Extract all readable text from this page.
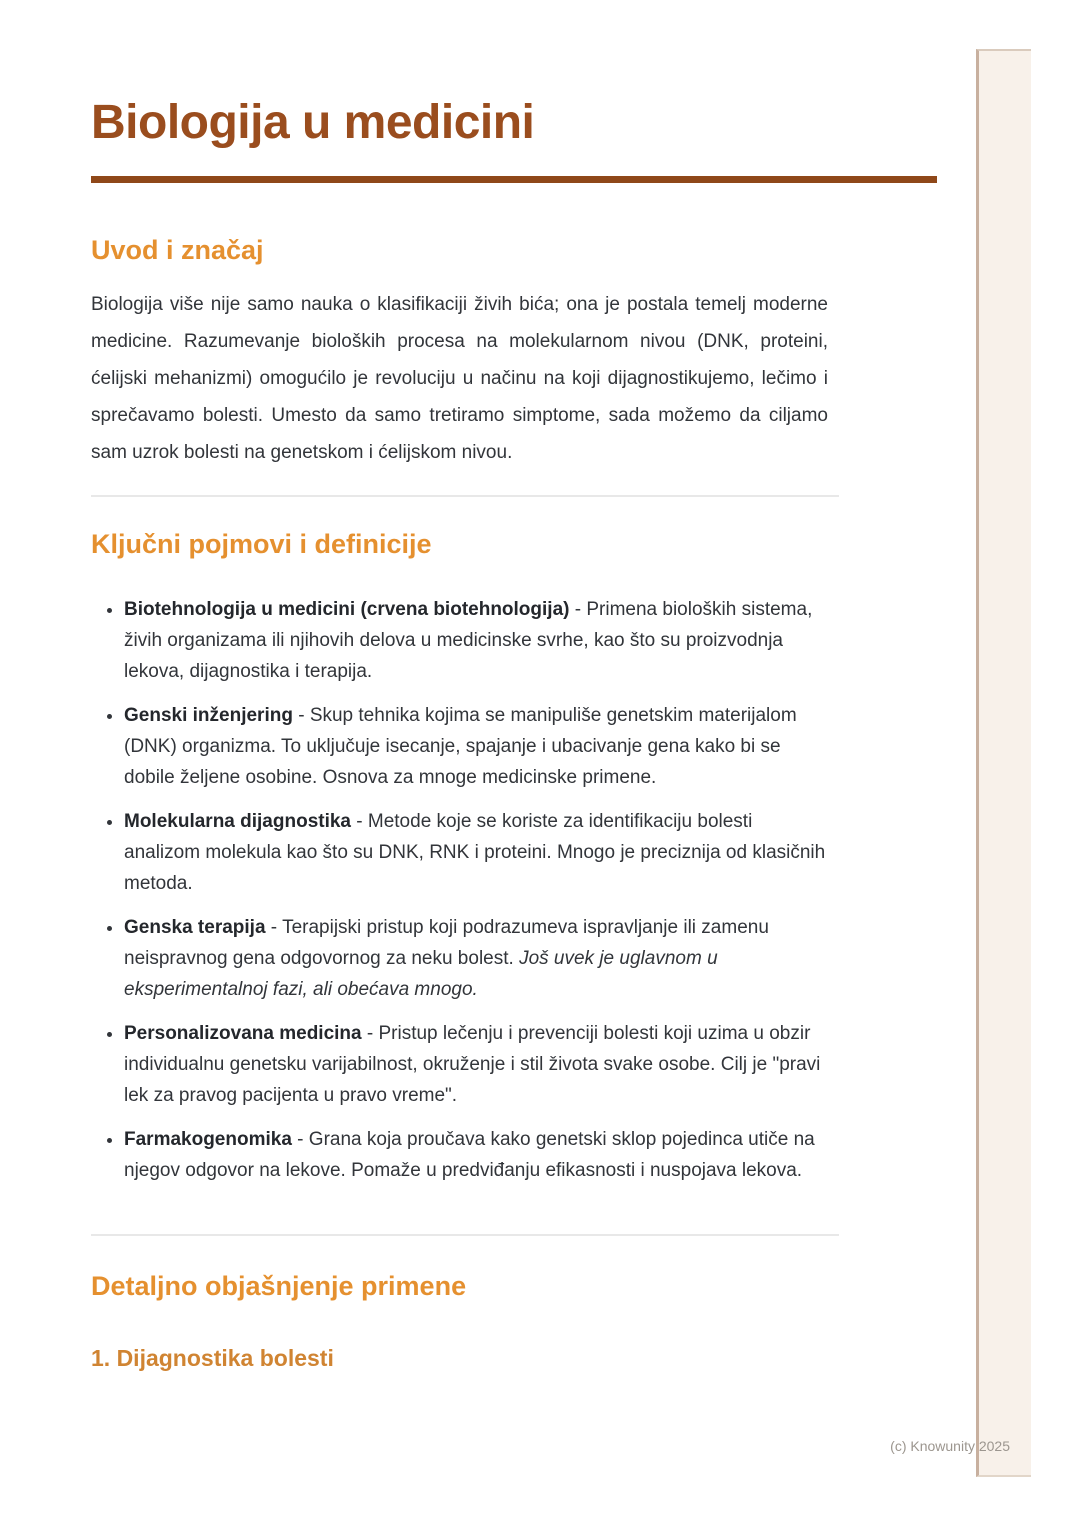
Biologija u medicini
Uvod i značaj

Biologija više nije samo nauka o klasifikaciji živih bića; ona je postala temelj moderne medicine. Razumevanje bioloških procesa na molekularnom nivou (DNK, proteini, ćelijski mehanizmi) omogućilo je revoluciju u načinu na koji dijagnostikujemo, lečimo i sprečavamo bolesti. Umesto da samo tretiramo simptome, sada možemo da ciljamo sam uzrok bolesti na genetskom i ćelijskom nivou.

Ključni pojmovi i definicije
• Biotehnologija u medicini (crvena biotehnologija) - Primena bioloških sistema, živih organizama ili njihovih delova u medicinske svrhe, kao što su proizvodnja lekova, dijagnostika i terapija.
• Genski inženjering - Skup tehnika kojima se manipuliše genetskim materijalom (DNK) organizma. To uključuje isecanje, spajanje i ubacivanje gena kako bi se dobile željene osobine. Osnova za mnoge medicinske primene.
• Molekularna dijagnostika - Metode koje se koriste za identifikaciju bolesti analizom molekula kao što su DNK, RNK i proteini. Mnogo je preciznija od klasičnih metoda.
• Genska terapija - Terapijski pristup koji podrazumeva ispravljanje ili zamenu neispravnog gena odgovornog za neku bolest. Još uvek je uglavnom u eksperimentalnoj fazi, ali obećava mnogo.
• Personalizovana medicina - Pristup lečenju i prevenciji bolesti koji uzima u obzir individualnu genetsku varijabilnost, okruženje i stil života svake osobe. Cilj je "pravi lek za pravog pacijenta u pravo vreme".
• Farmakogenomika - Grana koja proučava kako genetski sklop pojedinca utiče na njegov odgovor na lekove. Pomaže u predviđanju efikasnosti i nuspojava lekova.
Detaljno objašnjenje primene
1. Dijagnostika bolesti
(c) Knowunity 2025
